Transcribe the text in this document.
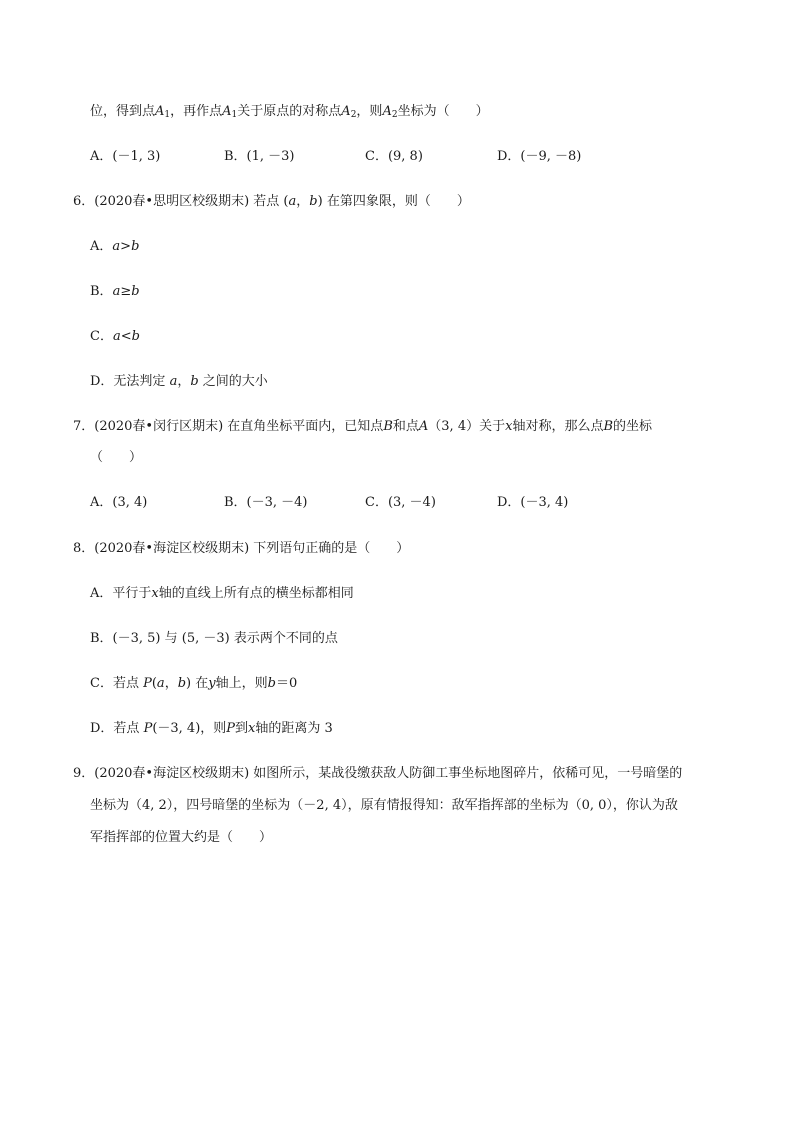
位，得到点$A_1$，再作点$A_1$关于原点的对称点$A_2$，则$A_2$坐标为（　　）
A．(－1, 3)	B．(1, －3)	C．(9, 8)	D．(－9, －8)
6．(2020春•思明区校级期末) 若点 (a，b) 在第四象限，则（　　）
A．a>b
B．a≥b
C．a<b
D．无法判定 a，b 之间的大小
7．(2020春•闵行区期末) 在直角坐标平面内，已知点B和点A（3, 4）关于x轴对称，那么点B的坐标
（　　）
A．(3, 4)	B．(－3, －4)	C．(3, －4)	D．(－3, 4)
8．(2020春•海淀区校级期末) 下列语句正确的是（　　）
A．平行于x轴的直线上所有点的横坐标都相同
B．(－3, 5) 与 (5, －3) 表示两个不同的点
C．若点 P(a，b) 在y轴上，则b＝0
D．若点 P(－3, 4)，则P到x轴的距离为 3
9．(2020春•海淀区校级期末) 如图所示，某战役缴获敌人防御工事坐标地图碎片，依稀可见，一号暗堡的
坐标为（4, 2），四号暗堡的坐标为（－2, 4），原有情报得知：敌军指挥部的坐标为（0, 0），你认为敌
军指挥部的位置大约是（　　）
